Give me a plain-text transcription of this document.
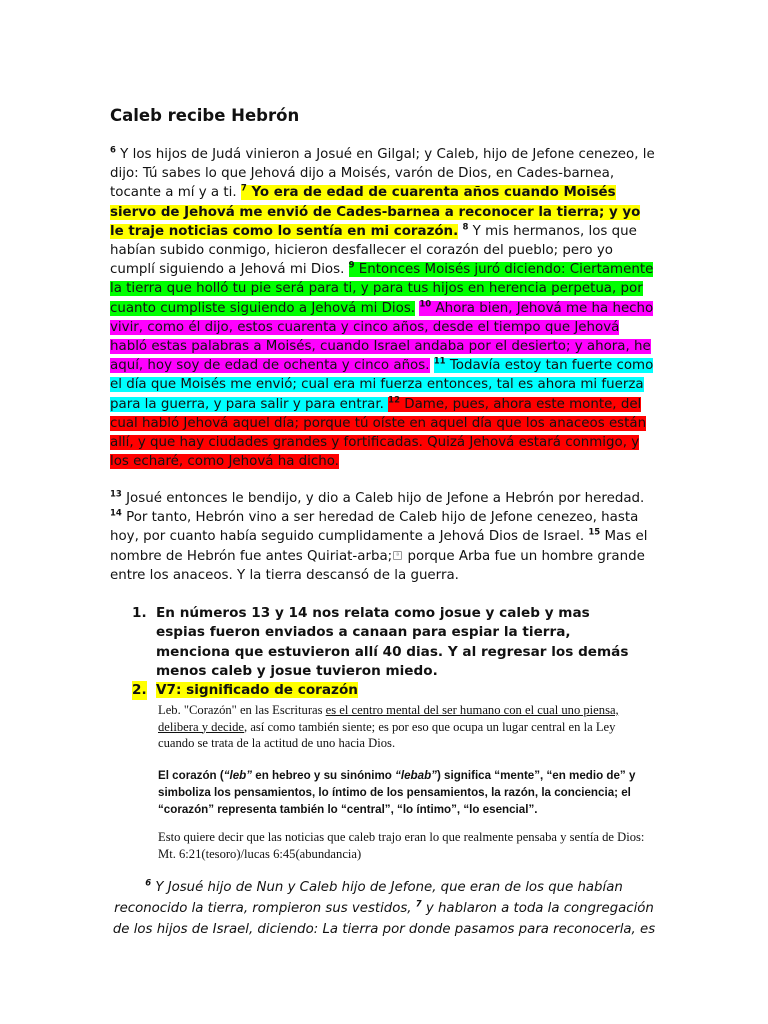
Caleb recibe Hebrón
$^6$ Y los hijos de Judá vinieron a Josué en Gilgal; y Caleb, hijo de Jefone cenezeo, le dijo: Tú sabes lo que Jehová dijo a Moisés, varón de Dios, en Cades-barnea, tocante a mí y a ti. $^7$ Yo era de edad de cuarenta años cuando Moisés siervo de Jehová me envió de Cades-barnea a reconocer la tierra; y yo le traje noticias como lo sentía en mi corazón. $^8$ Y mis hermanos, los que habían subido conmigo, hicieron desfallecer el corazón del pueblo; pero yo cumplí siguiendo a Jehová mi Dios. $^9$ Entonces Moisés juró diciendo: Ciertamente la tierra que holló tu pie será para ti, y para tus hijos en herencia perpetua, por cuanto cumpliste siguiendo a Jehová mi Dios. $^{10}$ Ahora bien, Jehová me ha hecho vivir, como él dijo, estos cuarenta y cinco años, desde el tiempo que Jehová habló estas palabras a Moisés, cuando Israel andaba por el desierto; y ahora, he aquí, hoy soy de edad de ochenta y cinco años. $^{11}$ Todavía estoy tan fuerte como el día que Moisés me envió; cual era mi fuerza entonces, tal es ahora mi fuerza para la guerra, y para salir y para entrar. $^{12}$ Dame, pues, ahora este monte, del cual habló Jehová aquel día; porque tú oíste en aquel día que los anaceos están allí, y que hay ciudades grandes y fortificadas. Quizá Jehová estará conmigo, y los echaré, como Jehová ha dicho.
$^{13}$ Josué entonces le bendijo, y dio a Caleb hijo de Jefone a Hebrón por heredad. $^{14}$ Por tanto, Hebrón vino a ser heredad de Caleb hijo de Jefone cenezeo, hasta hoy, por cuanto había seguido cumplidamente a Jehová Dios de Israel. $^{15}$ Mas el nombre de Hebrón fue antes Quiriat-arba; ª porque Arba fue un hombre grande entre los anaceos. Y la tierra descansó de la guerra.
1. En números 13 y 14 nos relata como josue y caleb y mas espias fueron enviados a canaan para espiar la tierra, menciona que estuvieron allí 40 dias. Y al regresar los demás menos caleb y josue tuvieron miedo.
2. V7: significado de corazón
Leb. "Corazón" en las Escrituras es el centro mental del ser humano con el cual uno piensa, delibera y decide, así como también siente; es por eso que ocupa un lugar central en la Ley cuando se trata de la actitud de uno hacia Dios.
El corazón (“leb” en hebreo y su sinónimo “lebab”) significa “mente”, “en medio de” y simboliza los pensamientos, lo íntimo de los pensamientos, la razón, la conciencia; el “corazón” representa también lo “central”, “lo íntimo”, “lo esencial”.
Esto quiere decir que las noticias que caleb trajo eran lo que realmente pensaba y sentía de Dios: Mt. 6:21(tesoro)/lucas 6:45(abundancia)
$^6$ Y Josué hijo de Nun y Caleb hijo de Jefone, que eran de los que habían reconocido la tierra, rompieron sus vestidos, $^7$ y hablaron a toda la congregación de los hijos de Israel, diciendo: La tierra por donde pasamos para reconocerla, es
